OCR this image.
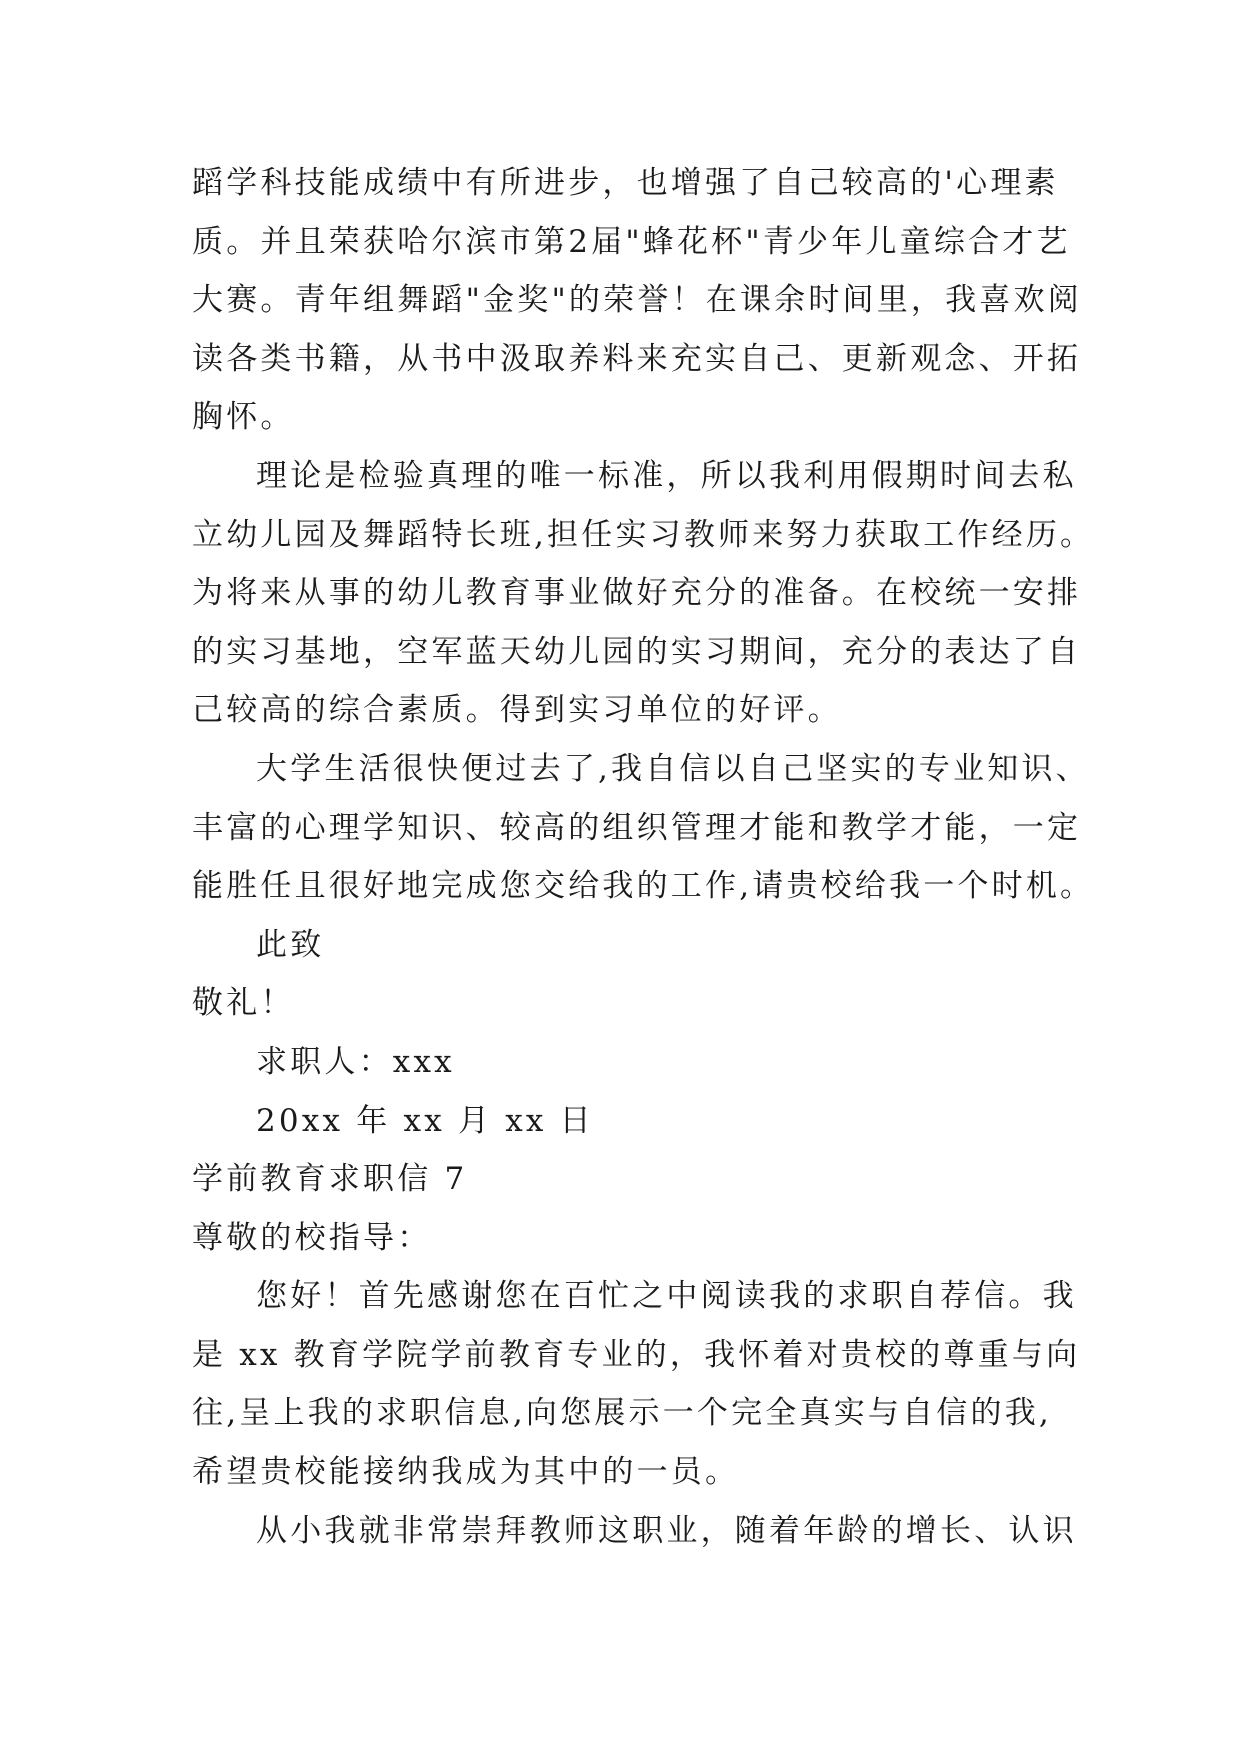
蹈学科技能成绩中有所进步，也增强了自己较高的'心理素
质。并且荣获哈尔滨市第2届"蜂花杯"青少年儿童综合才艺
大赛。青年组舞蹈"金奖"的荣誉！在课余时间里，我喜欢阅
读各类书籍，从书中汲取养料来充实自己、更新观念、开拓
胸怀。
理论是检验真理的唯一标准，所以我利用假期时间去私
立幼儿园及舞蹈特长班,担任实习教师来努力获取工作经历。
为将来从事的幼儿教育事业做好充分的准备。在校统一安排
的实习基地，空军蓝天幼儿园的实习期间，充分的表达了自
己较高的综合素质。得到实习单位的好评。
大学生活很快便过去了,我自信以自己坚实的专业知识、
丰富的心理学知识、较高的组织管理才能和教学才能，一定
能胜任且很好地完成您交给我的工作,请贵校给我一个时机。
此致
敬礼！
求职人：xxx
20xx 年 xx 月 xx 日
学前教育求职信 7
尊敬的校指导：
您好！首先感谢您在百忙之中阅读我的求职自荐信。我
是 xx 教育学院学前教育专业的，我怀着对贵校的尊重与向
往,呈上我的求职信息,向您展示一个完全真实与自信的我,
希望贵校能接纳我成为其中的一员。
从小我就非常崇拜教师这职业，随着年龄的增长、认识
